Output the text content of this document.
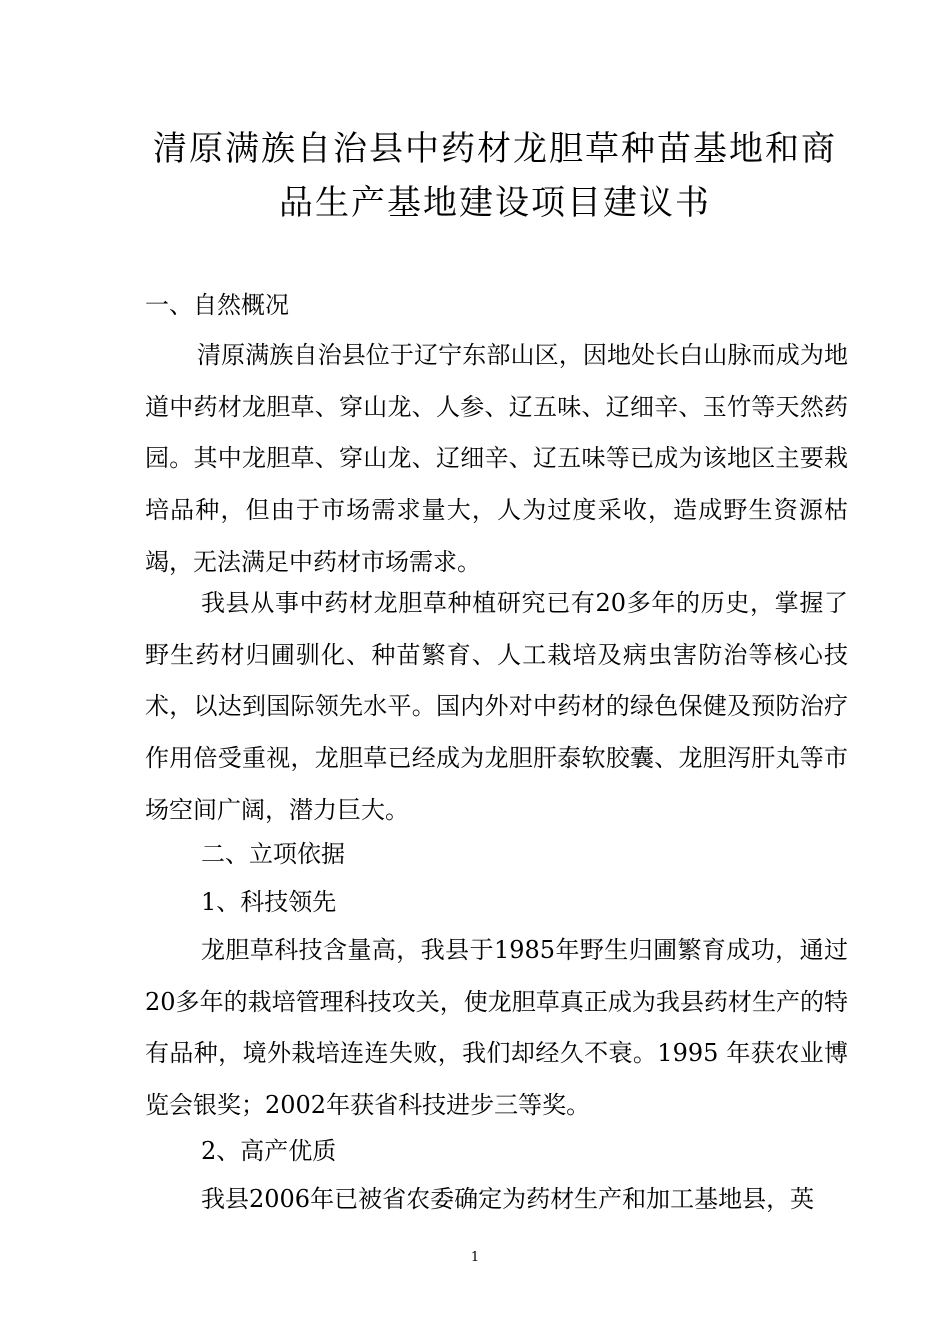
清原满族自治县中药材龙胆草种苗基地和商
品生产基地建设项目建议书
一、自然概况

清原满族自治县位于辽宁东部山区，因地处长白山脉而成为地道中药材龙胆草、穿山龙、人参、辽五味、辽细辛、玉竹等天然药园。其中龙胆草、穿山龙、辽细辛、辽五味等已成为该地区主要栽培品种，但由于市场需求量大，人为过度采收，造成野生资源枯竭，无法满足中药材市场需求。

我县从事中药材龙胆草种植研究已有20多年的历史，掌握了野生药材归圃驯化、种苗繁育、人工栽培及病虫害防治等核心技术，以达到国际领先水平。国内外对中药材的绿色保健及预防治疗作用倍受重视，龙胆草已经成为龙胆肝泰软胶囊、龙胆泻肝丸等市场空间广阔，潜力巨大。

二、立项依据
1、科技领先

龙胆草科技含量高，我县于1985年野生归圃繁育成功，通过20多年的栽培管理科技攻关，使龙胆草真正成为我县药材生产的特有品种，境外栽培连连失败，我们却经久不衰。1995 年获农业博览会银奖；2002年获省科技进步三等奖。

2、高产优质

我县2006年已被省农委确定为药材生产和加工基地县，英

1
